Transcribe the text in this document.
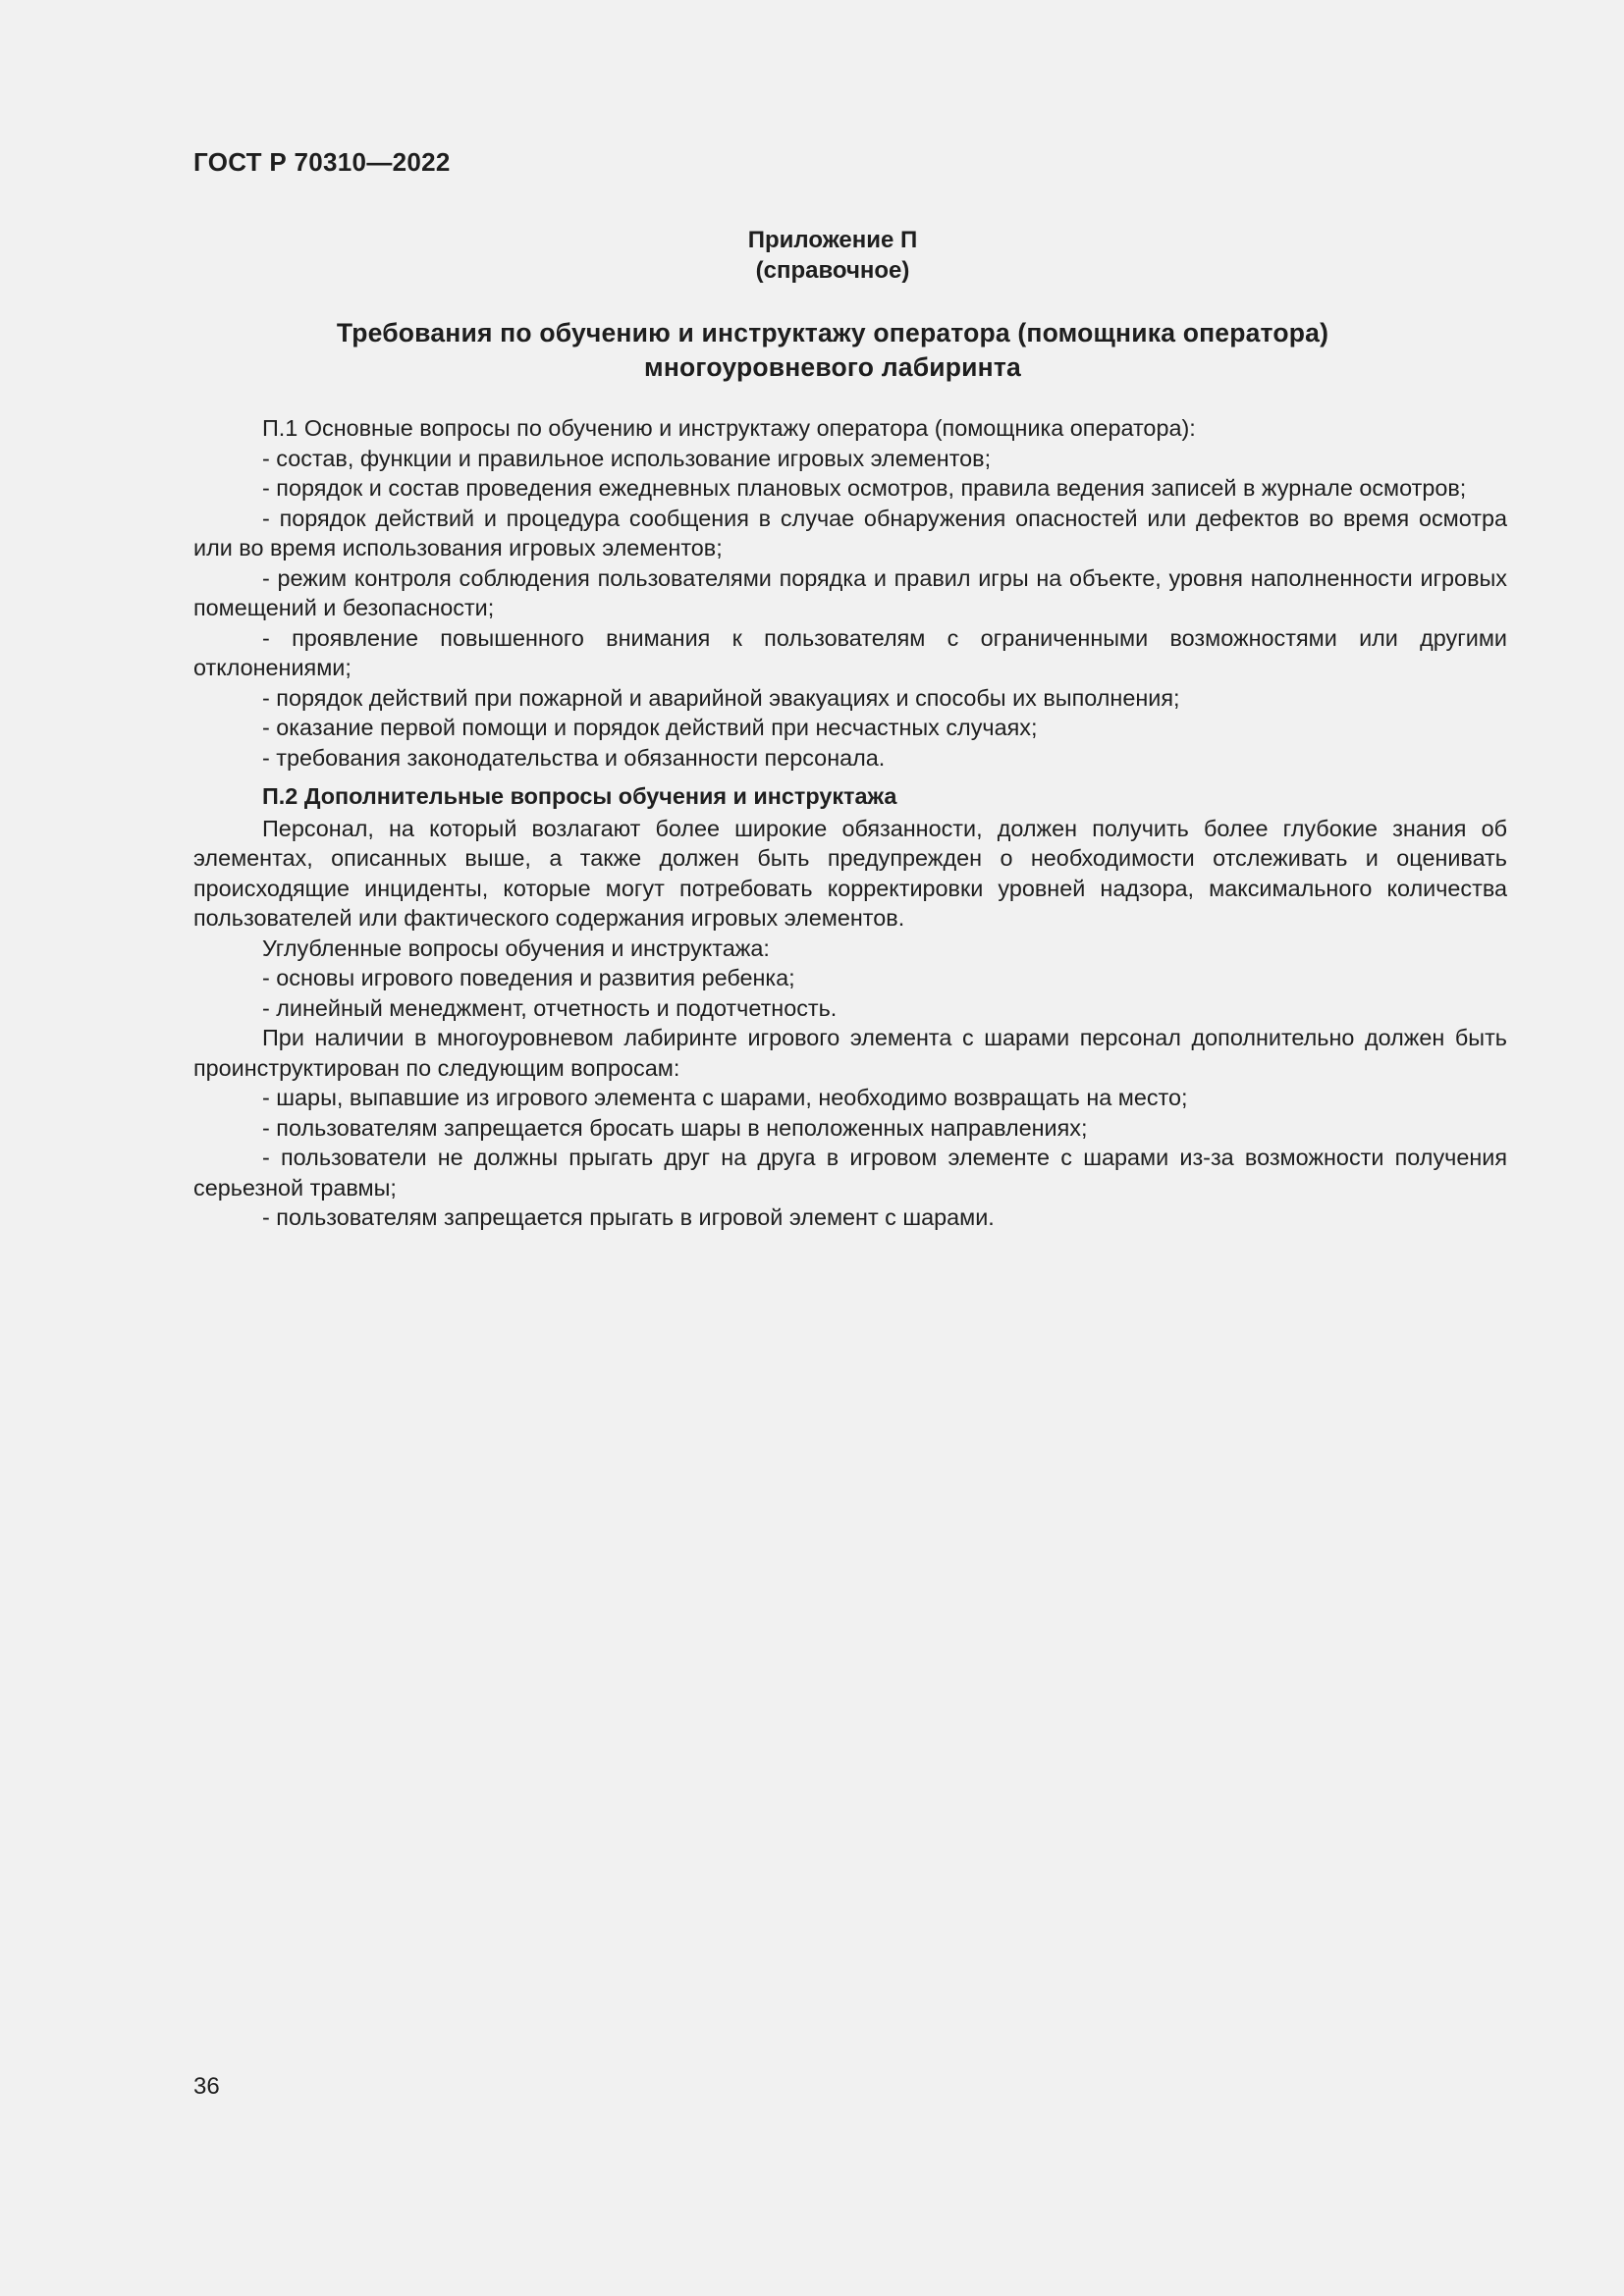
ГОСТ Р 70310—2022
Приложение П
(справочное)
Требования по обучению и инструктажу оператора (помощника оператора)
многоуровневого лабиринта

П.1 Основные вопросы по обучению и инструктажу оператора (помощника оператора):

- состав, функции и правильное использование игровых элементов;

- порядок и состав проведения ежедневных плановых осмотров, правила ведения записей в журнале осмотров;

- порядок действий и процедура сообщения в случае обнаружения опасностей или дефектов во время осмотра или во время использования игровых элементов;

- режим контроля соблюдения пользователями порядка и правил игры на объекте, уровня наполненности игровых помещений и безопасности;

- проявление повышенного внимания к пользователям с ограниченными возможностями или другими отклонениями;

- порядок действий при пожарной и аварийной эвакуациях и способы их выполнения;

- оказание первой помощи и порядок действий при несчастных случаях;

- требования законодательства и обязанности персонала.

П.2 Дополнительные вопросы обучения и инструктажа

Персонал, на который возлагают более широкие обязанности, должен получить более глубокие знания об элементах, описанных выше, а также должен быть предупрежден о необходимости отслеживать и оценивать происходящие инциденты, которые могут потребовать корректировки уровней надзора, максимального количества пользователей или фактического содержания игровых элементов.

Углубленные вопросы обучения и инструктажа:

- основы игрового поведения и развития ребенка;

- линейный менеджмент, отчетность и подотчетность.

При наличии в многоуровневом лабиринте игрового элемента с шарами персонал дополнительно должен быть проинструктирован по следующим вопросам:

- шары, выпавшие из игрового элемента с шарами, необходимо возвращать на место;

- пользователям запрещается бросать шары в неположенных направлениях;

- пользователи не должны прыгать друг на друга в игровом элементе с шарами из-за возможности получения серьезной травмы;

- пользователям запрещается прыгать в игровой элемент с шарами.

36
